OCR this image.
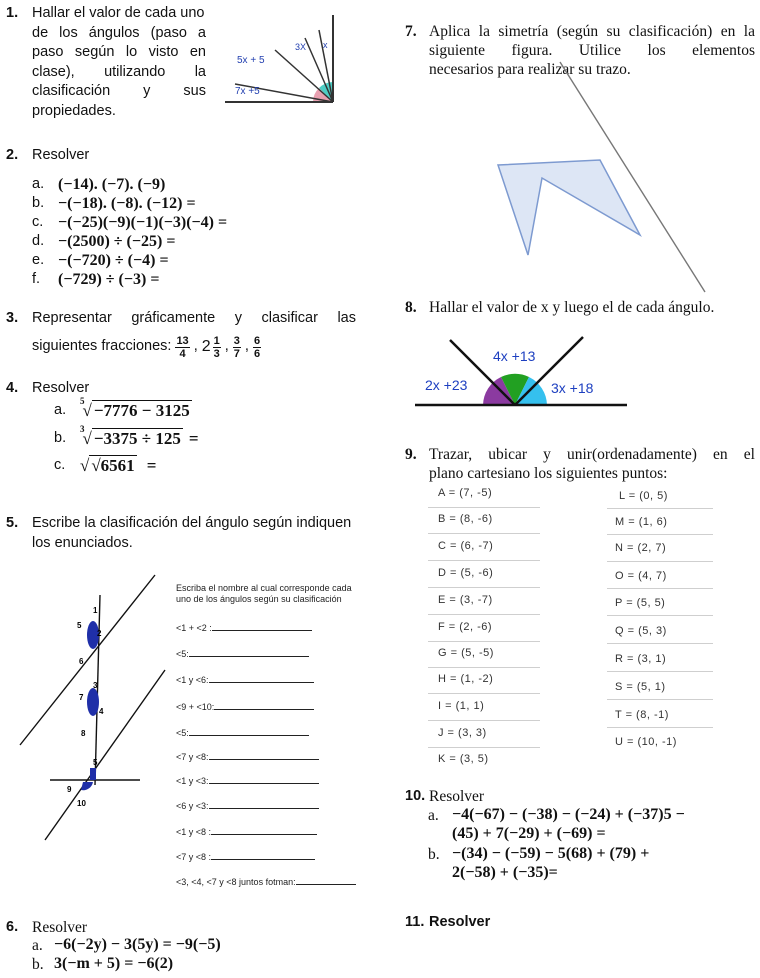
1. Hallar el valor de cada uno
de los ángulos (paso a
paso según lo visto en
clase), utilizando la
clasificación y sus
propiedades.
5x + 5
3X x
7x +5
2. Resolver
a. (−14). (−7). (−9)
b. −(−18). (−8). (−12) =
c. −(−25)(−9)(−1)(−3)(−4) =
d. −(2500) ÷ (−25) =
e. −(−720) ÷ (−4) =
f.	(−729) ÷ (−3) =
3. Representar gráficamente y clasificar las
siguientes fracciones: $\frac{13}{4}$ , $2 \frac{1}{3}$ , $\frac{3}{7}$ , $\frac{6}{6}$
4. Resolver
a.
$^5$√ −7776 − 3125
b.
$^3$√ −3375 ÷ 125 =
c. √ √6561 =
5. Escribe la clasificación del ángulo según indiquen
los enunciados.
1
2
5
6
3
4
7
8
5
9
10
Escriba el nombre al cual corresponde cada
uno de los ángulos según su clasificación
<1 + <2 :
<5:
<1 y <6:
<9 + <10:
<5:
<7 y <8:
<1 y <3:
<6 y <3:
<1 y <8 :
<7 y <8 :
<3, <4, <7 y <8 juntos fotman:
6. Resolver
a. −6(−2y) − 3(5y) = −9(−5)
b. 3(−m + 5) = −6(2)
7. Aplica la simetría (según su clasificación) en la
siguiente figura. Utilice los elementos
necesarios para realizar su trazo.
8. Hallar el valor de x y luego el de cada ángulo.
4x +13
2x +23	3x +18
9. Trazar, ubicar y unir(ordenadamente) en el
plano cartesiano los siguientes puntos:
A = (7, -5)
B = (8, -6)
C = (6, -7)
D = (5, -6)
E = (3, -7)
F = (2, -6)
G = (5, -5)
H = (1, -2)
I = (1, 1)
J = (3, 3)
K = (3, 5)
L = (0, 5)
M = (1, 6)
N = (2, 7)
O = (4, 7)
P = (5, 5)
Q = (5, 3)
R = (3, 1)
S = (5, 1)
T = (8, -1)
U = (10, -1)
10. Resolver
a. −4(−67) − (−38) − (−24) + (−37)5 −
(45) + 7(−29) + (−69) =
b. −(34) − (−59) − 5(68) + (79) +
2(−58) + (−35)=
11. Resolver
